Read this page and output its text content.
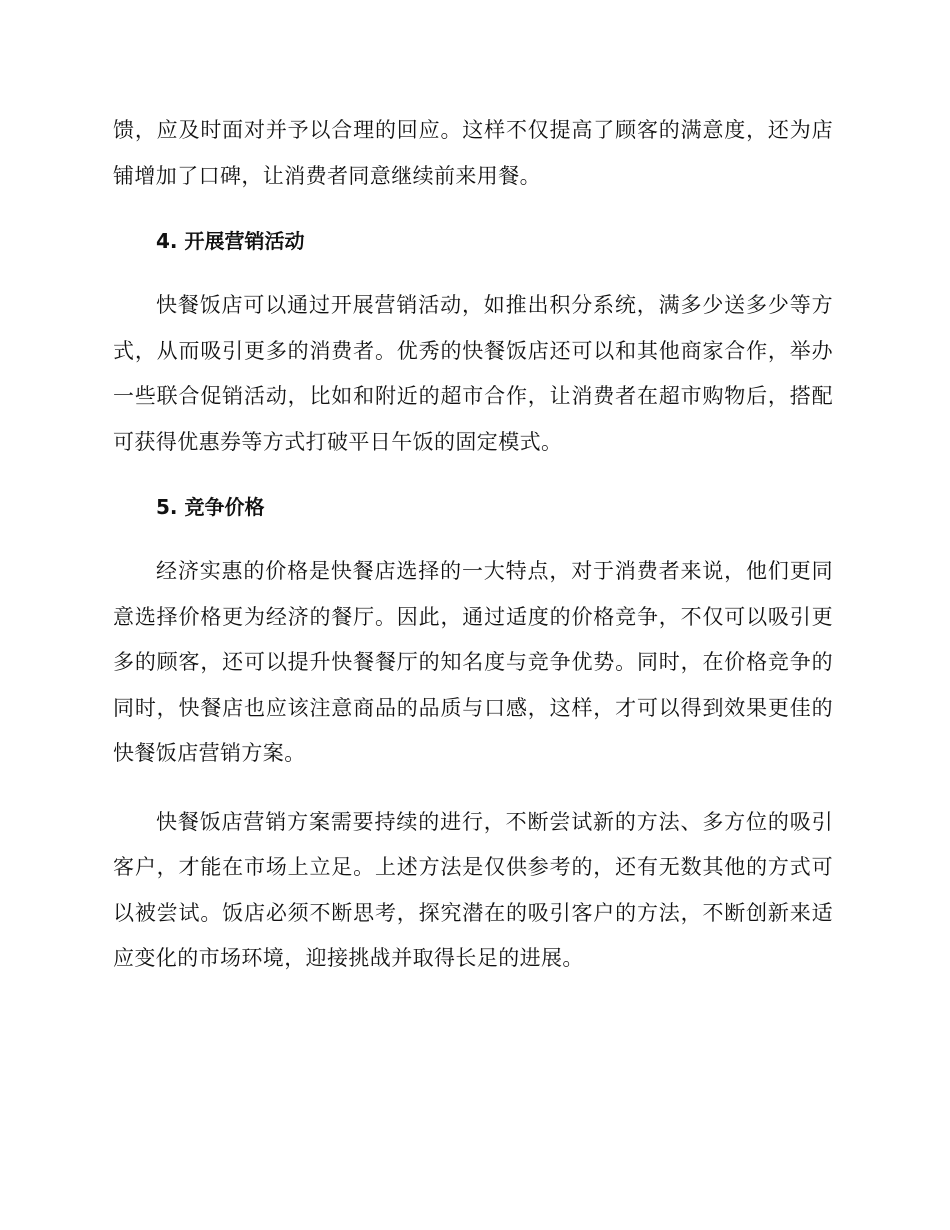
馈，应及时面对并予以合理的回应。这样不仅提高了顾客的满意度，还为店铺增加了口碑，让消费者同意继续前来用餐。

4. 开展营销活动

快餐饭店可以通过开展营销活动，如推出积分系统，满多少送多少等方式，从而吸引更多的消费者。优秀的快餐饭店还可以和其他商家合作，举办一些联合促销活动，比如和附近的超市合作，让消费者在超市购物后，搭配可获得优惠券等方式打破平日午饭的固定模式。

5. 竞争价格

经济实惠的价格是快餐店选择的一大特点，对于消费者来说，他们更同意选择价格更为经济的餐厅。因此，通过适度的价格竞争，不仅可以吸引更多的顾客，还可以提升快餐餐厅的知名度与竞争优势。同时，在价格竞争的同时，快餐店也应该注意商品的品质与口感，这样，才可以得到效果更佳的快餐饭店营销方案。

快餐饭店营销方案需要持续的进行，不断尝试新的方法、多方位的吸引客户，才能在市场上立足。上述方法是仅供参考的，还有无数其他的方式可以被尝试。饭店必须不断思考，探究潜在的吸引客户的方法，不断创新来适应变化的市场环境，迎接挑战并取得长足的进展。
